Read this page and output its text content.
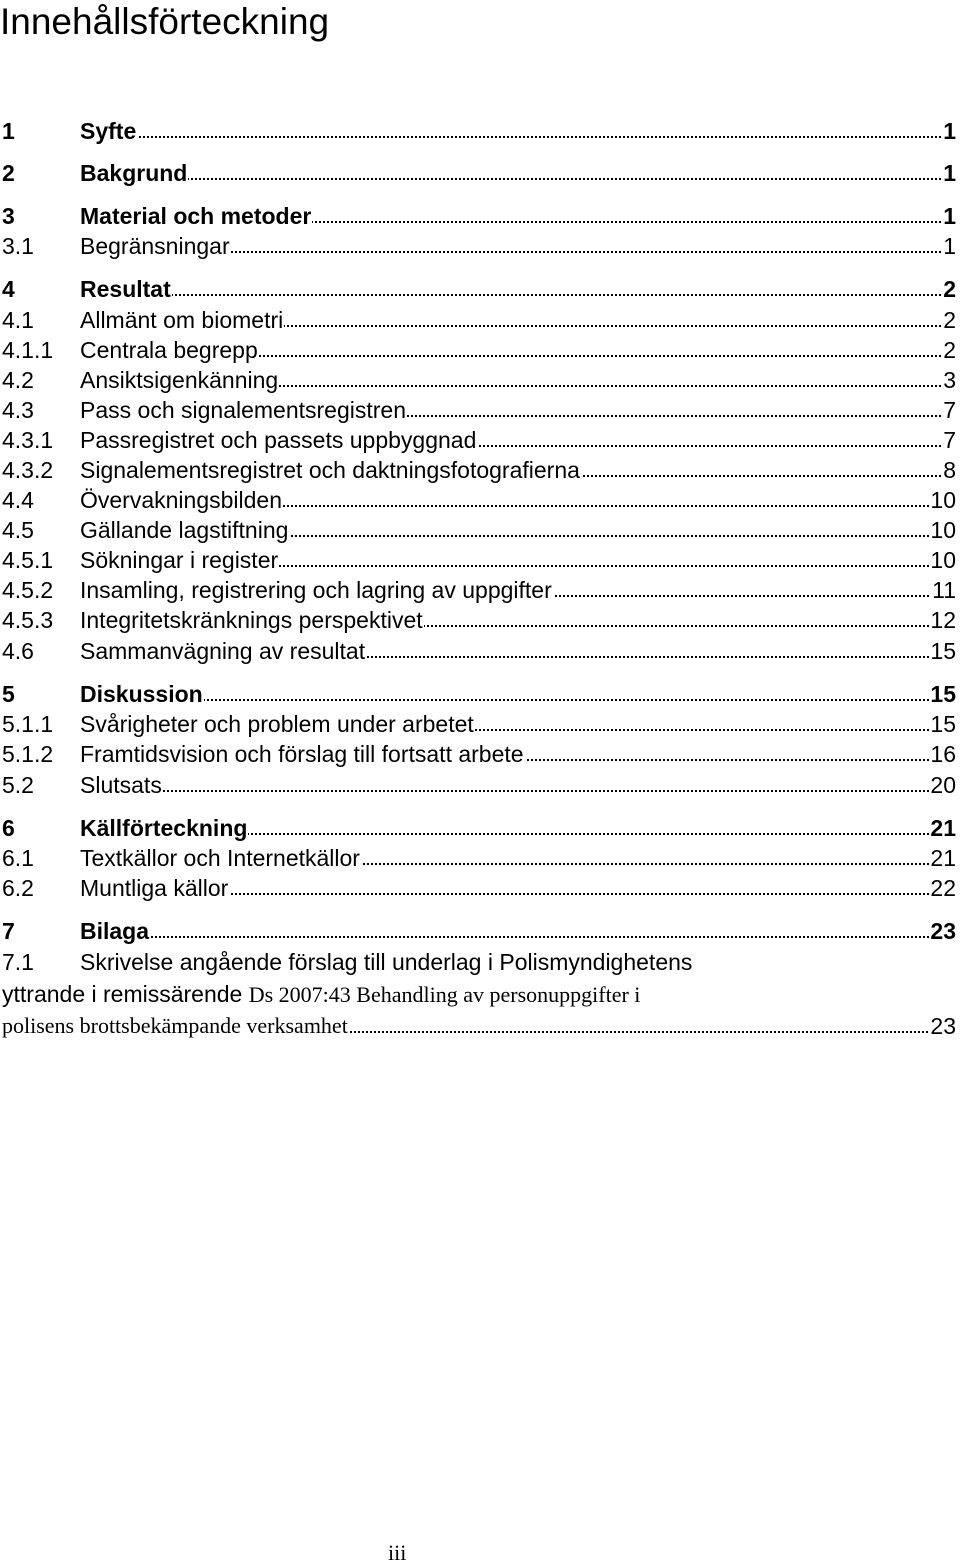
Innehållsförteckning
1	Syfte	1
2	Bakgrund	1
3	Material och metoder	1
3.1 Begränsningar	1
4	Resultat	2
4.1 Allmänt om biometri	2
4.1.1 Centrala begrepp	2
4.2 Ansiktsigenkänning	3
4.3 Pass och signalementsregistren	7
4.3.1 Passregistret och passets uppbyggnad	7
4.3.2 Signalementsregistret och daktningsfotografierna	8
4.4 Övervakningsbilden	10
4.5 Gällande lagstiftning	10
4.5.1 Sökningar i register	10
4.5.2 Insamling, registrering och lagring av uppgifter	11
4.5.3 Integritetskränknings perspektivet	12
4.6 Sammanvägning av resultat	15
5	Diskussion	15
5.1.1 Svårigheter och problem under arbetet	15
5.1.2 Framtidsvision och förslag till fortsatt arbete	16
5.2 Slutsats	20
6	Källförteckning	21
6.1 Textkällor och Internetkällor	21
6.2 Muntliga källor	22
7	Bilaga	23
7.1 Skrivelse angående förslag till underlag i Polismyndighetens
yttrande i remissärende Ds 2007:43 Behandling av personuppgifter i
polisens brottsbekämpande verksamhet	23
iii
